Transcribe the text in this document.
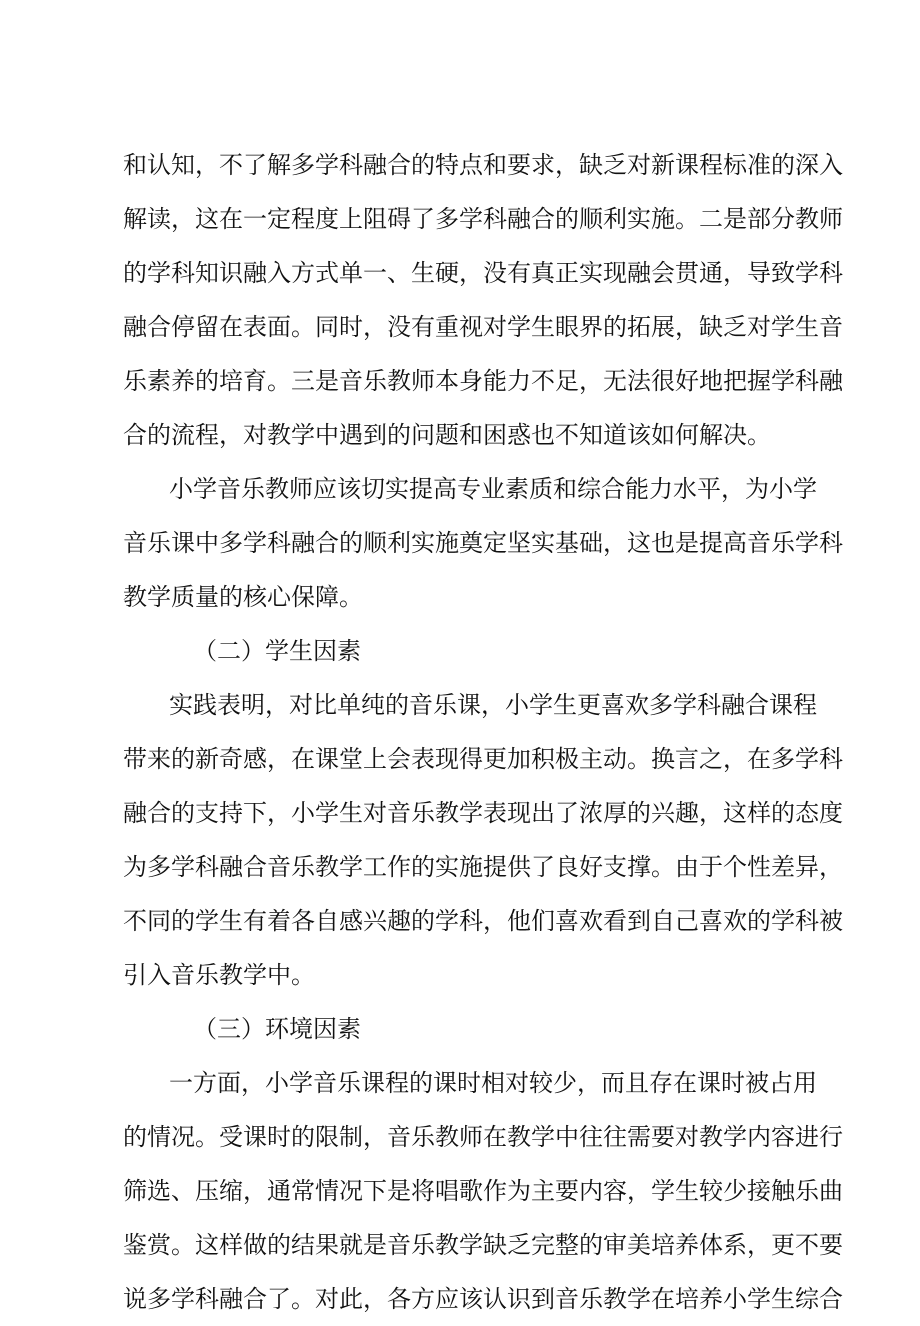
和认知，不了解多学科融合的特点和要求，缺乏对新课程标准的深入
解读，这在一定程度上阻碍了多学科融合的顺利实施。二是部分教师
的学科知识融入方式单一、生硬，没有真正实现融会贯通，导致学科
融合停留在表面。同时，没有重视对学生眼界的拓展，缺乏对学生音
乐素养的培育。三是音乐教师本身能力不足，无法很好地把握学科融
合的流程，对教学中遇到的问题和困惑也不知道该如何解决。
小学音乐教师应该切实提高专业素质和综合能力水平，为小学
音乐课中多学科融合的顺利实施奠定坚实基础，这也是提高音乐学科
教学质量的核心保障。
（二）学生因素
实践表明，对比单纯的音乐课，小学生更喜欢多学科融合课程
带来的新奇感，在课堂上会表现得更加积极主动。换言之，在多学科
融合的支持下，小学生对音乐教学表现出了浓厚的兴趣，这样的态度
为多学科融合音乐教学工作的实施提供了良好支撑。由于个性差异，
不同的学生有着各自感兴趣的学科，他们喜欢看到自己喜欢的学科被
引入音乐教学中。
（三）环境因素
一方面，小学音乐课程的课时相对较少，而且存在课时被占用
的情况。受课时的限制，音乐教师在教学中往往需要对教学内容进行
筛选、压缩，通常情况下是将唱歌作为主要内容，学生较少接触乐曲
鉴赏。这样做的结果就是音乐教学缺乏完整的审美培养体系，更不要
说多学科融合了。对此，各方应该认识到音乐教学在培养小学生综合
